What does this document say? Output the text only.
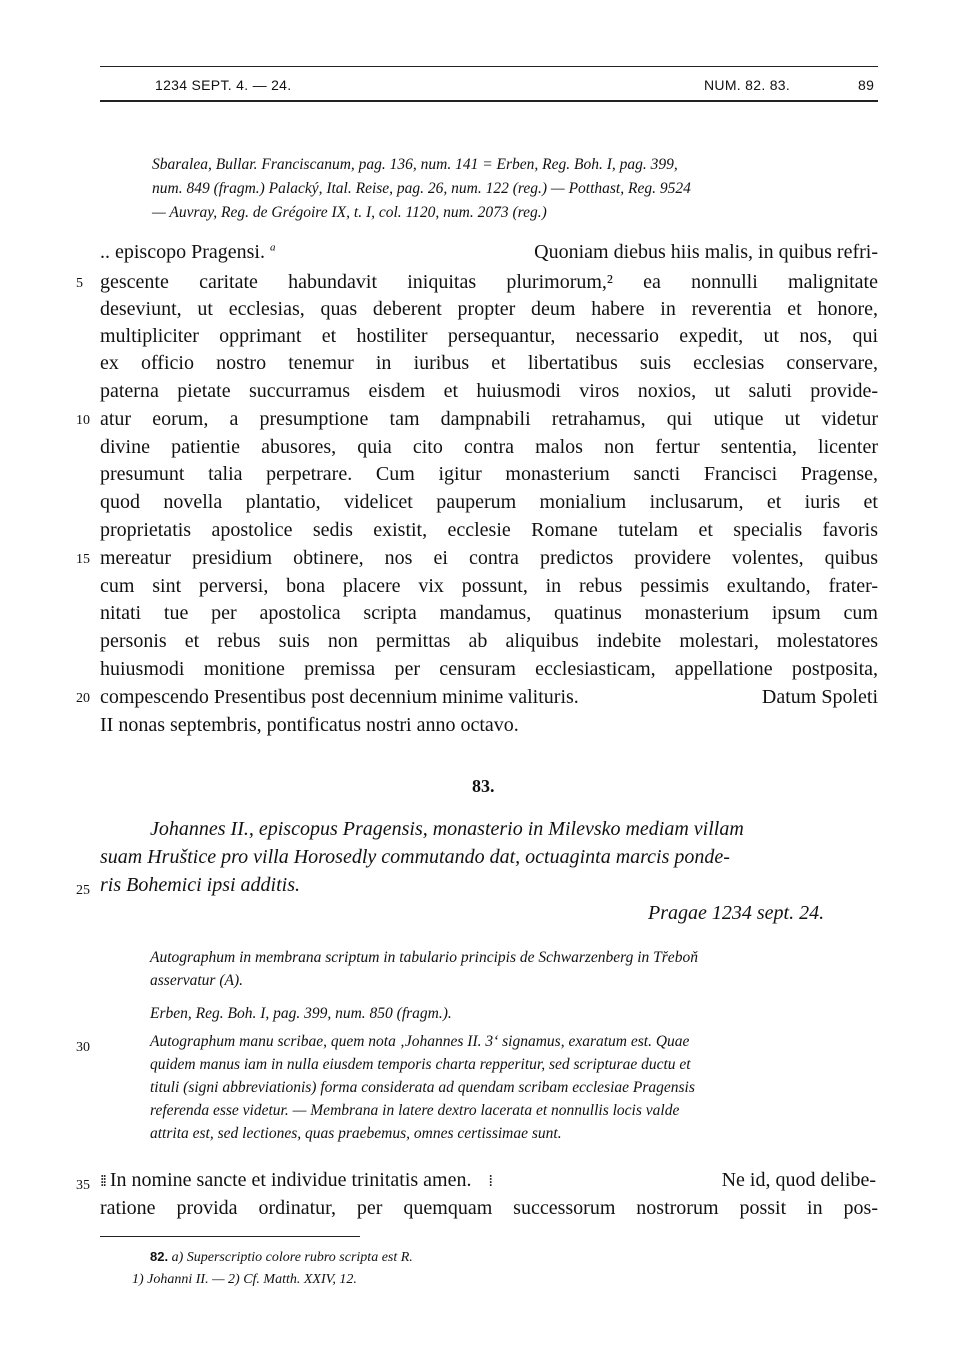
1234 SEPT. 4. — 24.	NUM. 82. 83.	89
Sbaralea, Bullar. Franciscanum, pag. 136, num. 141 = Erben, Reg. Boh. I, pag. 399,
num. 849 (fragm.) Palacký, Ital. Reise, pag. 26, num. 122 (reg.) — Potthast, Reg. 9524
— Auvray, Reg. de Grégoire IX, t. I, col. 1120, num. 2073 (reg.)
.. episcopo Pragensi. $^a$	Quoniam diebus hiis malis, in quibus refri-
gescente caritate habundavit iniquitas plurimorum,² ea nonnulli malignitate
deseviunt, ut ecclesias, quas deberent propter deum habere in reverentia et honore,
multipliciter opprimant et hostiliter persequantur, necessario expedit, ut nos, qui
ex officio nostro tenemur in iuribus et libertatibus suis ecclesias conservare,
paterna pietate succurramus eisdem et huiusmodi viros noxios, ut saluti provide-
atur eorum, a presumptione tam dampnabili retrahamus, qui utique ut videtur
divine patientie abusores, quia cito contra malos non fertur sententia, licenter
presumunt talia perpetrare. Cum igitur monasterium sancti Francisci Pragense,
quod novella plantatio, videlicet pauperum monialium inclusarum, et iuris et
proprietatis apostolice sedis existit, ecclesie Romane tutelam et specialis favoris
mereatur presidium obtinere, nos ei contra predictos providere volentes, quibus
cum sint perversi, bona placere vix possunt, in rebus pessimis exultando, frater-
nitati tue per apostolica scripta mandamus, quatinus monasterium ipsum cum
personis et rebus suis non permittas ab aliquibus indebite molestari, molestatores
huiusmodi monitione premissa per censuram ecclesiasticam, appellatione postposita,
compescendo Presentibus post decennium minime valituris.	Datum Spoleti
II nonas septembris, pontificatus nostri anno octavo.
5
10
15
20
25
30
35
83.
Johannes II., episcopus Pragensis, monasterio in Milevsko mediam villam
suam Hruštice pro villa Horosedly commutando dat, octuaginta marcis ponde-
ris Bohemici ipsi additis.
Pragae 1234 sept. 24.
Autographum in membrana scriptum in tabulario principis de Schwarzenberg in Třeboň
asservatur (A).
Erben, Reg. Boh. I, pag. 399, num. 850 (fragm.).
Autographum manu scribae, quem nota ‚Johannes II. 3‘ signamus, exaratum est. Quae
quidem manus iam in nulla eiusdem temporis charta repperitur, sed scripturae ductu et
tituli (signi abbreviationis) forma considerata ad quendam scribam ecclesiae Pragensis
referenda esse videtur. — Membrana in latere dextro lacerata et nonnullis locis valde
attrita est, sed lectiones, quas praebemus, omnes certissimae sunt.
⁞⁞ In nomine sancte et individue trinitatis amen. ⁞	Ne id, quod delibe-
ratione provida ordinatur, per quemquam successorum nostrorum possit in pos-
82. a) Superscriptio colore rubro scripta est R.
1) Johanni II. — 2) Cf. Matth. XXIV, 12.
